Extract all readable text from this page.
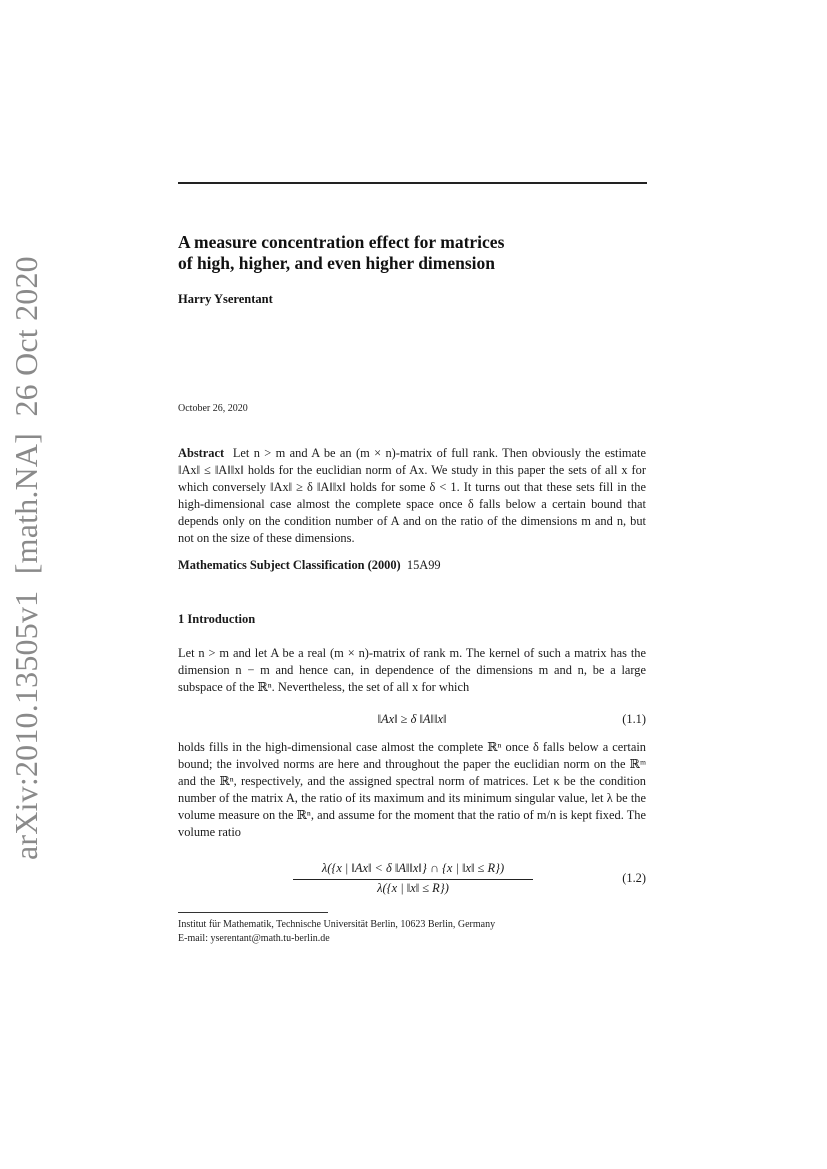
arXiv:2010.13505v1  [math.NA]  26 Oct 2020
A measure concentration effect for matrices
of high, higher, and even higher dimension
Harry Yserentant
October 26, 2020
Abstract Let n > m and A be an (m × n)-matrix of full rank. Then obviously the estimate ‖Ax‖ ≤ ‖A‖‖x‖ holds for the euclidian norm of Ax. We study in this paper the sets of all x for which conversely ‖Ax‖ ≥ δ ‖A‖‖x‖ holds for some δ < 1. It turns out that these sets fill in the high-dimensional case almost the complete space once δ falls below a certain bound that depends only on the condition number of A and on the ratio of the dimensions m and n, but not on the size of these dimensions.
Mathematics Subject Classification (2000) 15A99
1 Introduction
Let n > m and let A be a real (m × n)-matrix of rank m. The kernel of such a matrix has the dimension n − m and hence can, in dependence of the dimensions m and n, be a large subspace of the ℝⁿ. Nevertheless, the set of all x for which
‖Ax‖ ≥ δ ‖A‖‖x‖	(1.1)
holds fills in the high-dimensional case almost the complete ℝⁿ once δ falls below a certain bound; the involved norms are here and throughout the paper the euclidian norm on the ℝᵐ and the ℝⁿ, respectively, and the assigned spectral norm of matrices. Let κ be the condition number of the matrix A, the ratio of its maximum and its minimum singular value, let λ be the volume measure on the ℝⁿ, and assume for the moment that the ratio of m/n is kept fixed. The volume ratio
$\frac{\lambda(\{x | ‖Ax‖ < \delta ‖A‖‖x‖\} \cap \{x | ‖x‖ \le R\})}{\lambda(\{x | ‖x‖ \le R\})}$	(1.2)
Institut für Mathematik, Technische Universität Berlin, 10623 Berlin, Germany
E-mail: yserentant@math.tu-berlin.de
